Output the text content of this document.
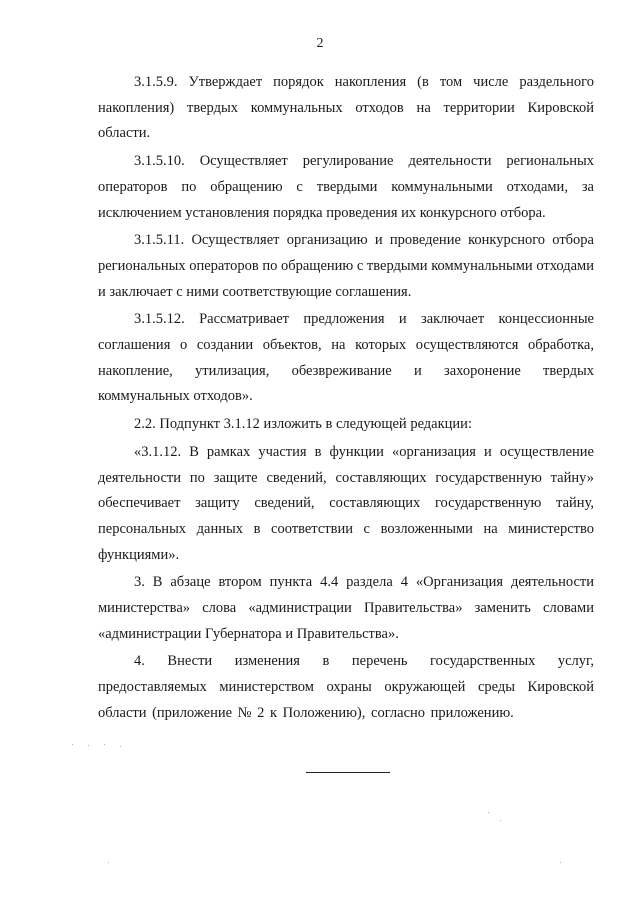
2

3.1.5.9. Утверждает порядок накопления (в том числе раздельного накопления) твердых коммунальных отходов на территории Кировской области.

3.1.5.10. Осуществляет регулирование деятельности региональных операторов по обращению с твердыми коммунальными отходами, за исключением установления порядка проведения их конкурсного отбора.

3.1.5.11. Осуществляет организацию и проведение конкурсного отбора региональных операторов по обращению с твердыми коммунальными отходами и заключает с ними соответствующие соглашения.

3.1.5.12. Рассматривает предложения и заключает концессионные соглашения о создании объектов, на которых осуществляются обработка, накопление, утилизация, обезвреживание и захоронение твердых коммунальных отходов».

2.2. Подпункт 3.1.12 изложить в следующей редакции:

«3.1.12. В рамках участия в функции «организация и осуществление деятельности по защите сведений, составляющих государственную тайну» обеспечивает защиту сведений, составляющих государственную тайну, персональных данных в соответствии с возложенными на министерство функциями».

3. В абзаце втором пункта 4.4 раздела 4 «Организация деятельности министерства» слова «администрации Правительства» заменить словами «администрации Губернатора и Правительства».

4. Внести изменения в перечень государственных услуг, предоставляемых министерством охраны окружающей среды Кировской области (приложение № 2 к Положению), согласно приложению.
